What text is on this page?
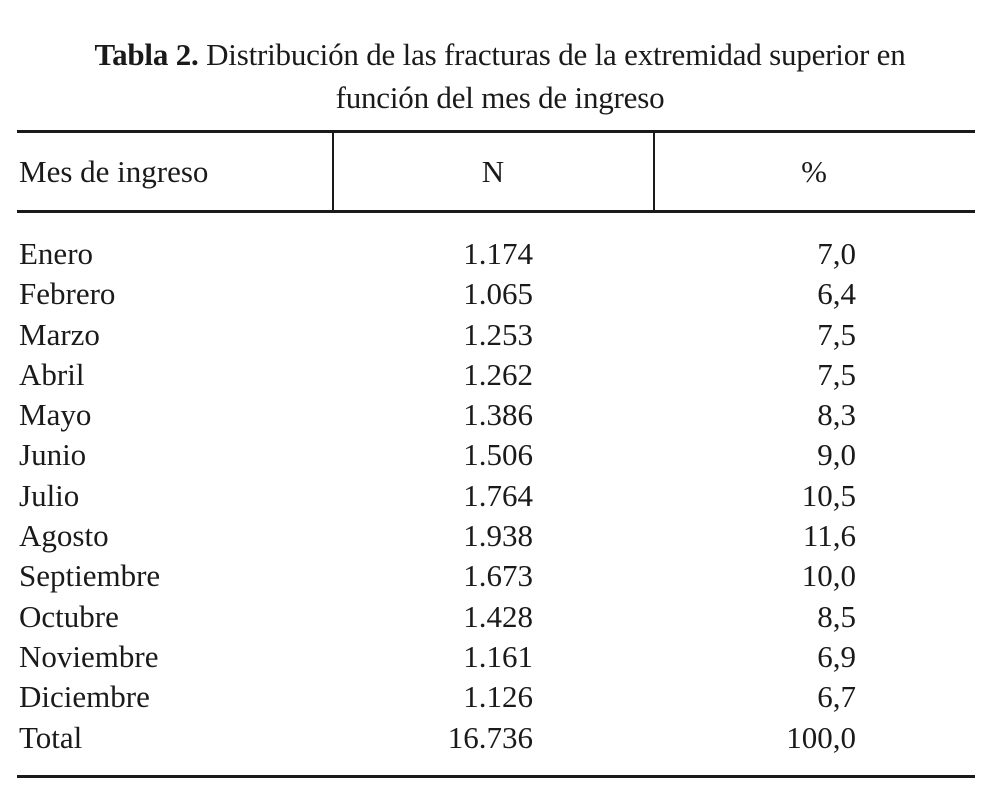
Tabla 2. Distribución de las fracturas de la extremidad superior en
función del mes de ingreso
Mes de ingreso	N	%
Enero	1.174	7,0
Febrero	1.065	6,4
Marzo	1.253	7,5
Abril	1.262	7,5
Mayo	1.386	8,3
Junio	1.506	9,0
Julio	1.764	10,5
Agosto	1.938	11,6
Septiembre	1.673	10,0
Octubre	1.428	8,5
Noviembre	1.161	6,9
Diciembre	1.126	6,7
Total	16.736	100,0
